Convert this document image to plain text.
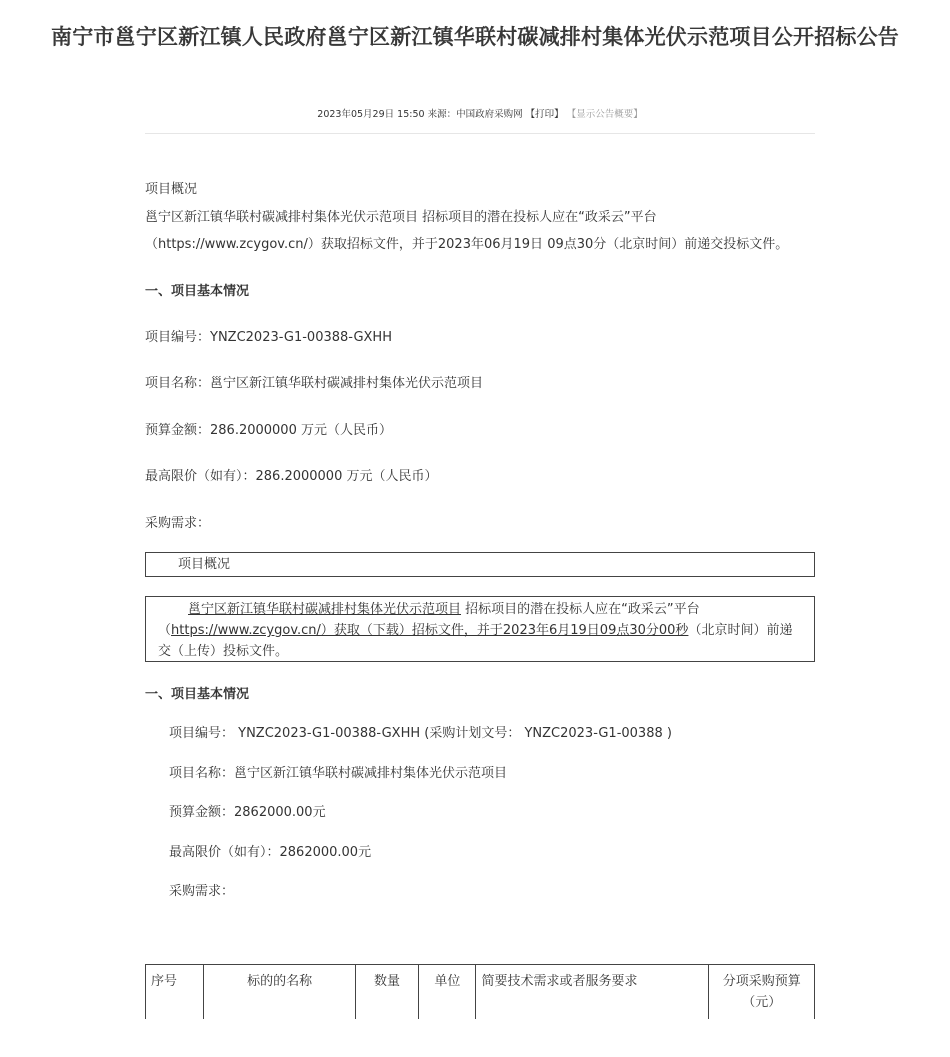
南宁市邕宁区新江镇人民政府邕宁区新江镇华联村碳减排村集体光伏示范项目公开招标公告
2023年05月29日 15:50 来源：中国政府采购网 【打印】 【显示公告概要】
项目概况
邕宁区新江镇华联村碳减排村集体光伏示范项目 招标项目的潜在投标人应在“政采云”平台
（https://www.zcygov.cn/）获取招标文件，并于2023年06月19日 09点30分（北京时间）前递交投标文件。
一、项目基本情况
项目编号：YNZC2023-G1-00388-GXHH
项目名称：邕宁区新江镇华联村碳减排村集体光伏示范项目
预算金额：286.2000000 万元（人民币）
最高限价（如有）：286.2000000 万元（人民币）
采购需求：
项目概况
邕宁区新江镇华联村碳减排村集体光伏示范项目 招标项目的潜在投标人应在“政采云”平台
（https://www.zcygov.cn/）获取（下载）招标文件，并于2023年6月19日09点30分00秒（北京时间）前递
交（上传）投标文件。
一、项目基本情况
项目编号： YNZC2023-G1-00388-GXHH (采购计划文号： YNZC2023-G1-00388 )
项目名称：邕宁区新江镇华联村碳减排村集体光伏示范项目
预算金额：2862000.00元
最高限价（如有）：2862000.00元
采购需求：
序号	标的的名称	数量	单位	简要技术需求或者服务要求	分项采购预算（元）
